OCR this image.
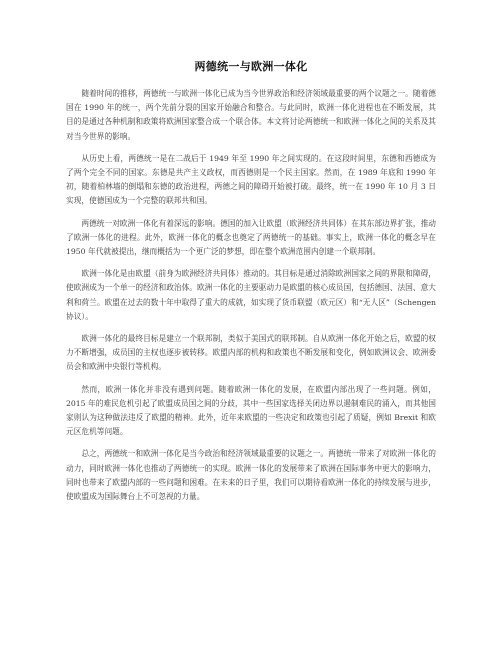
两德统一与欧洲一体化

随着时间的推移，两德统一与欧洲一体化已成为当今世界政治和经济领域最重要的两个议题之一。随着德国在 1990 年的统一，两个先前分裂的国家开始融合和整合。与此同时，欧洲一体化进程也在不断发展，其目的是通过各种机制和政策将欧洲国家整合成一个联合体。本文将讨论两德统一和欧洲一体化之间的关系及其对当今世界的影响。

从历史上看，两德统一是在二战后于 1949 年至 1990 年之间实现的。在这段时间里，东德和西德成为了两个完全不同的国家。东德是共产主义政权，而西德则是一个民主国家。然而，在 1989 年底和 1990 年初，随着柏林墙的倒塌和东德的政治进程，两德之间的障碍开始被打破。最终，统一在 1990 年 10 月 3 日实现，使德国成为一个完整的联邦共和国。

两德统一对欧洲一体化有着深远的影响。德国的加入让欧盟（欧洲经济共同体）在其东部边界扩张，推动了欧洲一体化的进程。此外，欧洲一体化的概念也奠定了两德统一的基础。事实上，欧洲一体化的概念早在 1950 年代就被提出，继而概括为一个更广泛的梦想，即在整个欧洲范围内创建一个联邦制。

欧洲一体化是由欧盟（前身为欧洲经济共同体）推动的。其目标是通过消除欧洲国家之间的界限和障碍，使欧洲成为一个单一的经济和政治体。欧洲一体化的主要驱动力是欧盟的核心成员国，包括德国、法国、意大利和荷兰。欧盟在过去的数十年中取得了重大的成就，如实现了货币联盟（欧元区）和“无人区”（Schengen 协议）。

欧洲一体化的最终目标是建立一个联邦制，类似于美国式的联邦制。自从欧洲一体化开始之后，欧盟的权力不断增强，成员国的主权也逐步被转移。欧盟内部的机构和政策也不断发展和变化，例如欧洲议会、欧洲委员会和欧洲中央银行等机构。

然而，欧洲一体化并非没有遇到问题。随着欧洲一体化的发展，在欧盟内部出现了一些问题。例如，2015 年的难民危机引起了欧盟成员国之间的分歧，其中一些国家选择关闭边界以遏制难民的涌入，而其他国家则认为这种做法违反了欧盟的精神。此外，近年来欧盟的一些决定和政策也引起了质疑，例如 Brexit 和欧元区危机等问题。

总之，两德统一和欧洲一体化是当今政治和经济领域最重要的议题之一。两德统一带来了对欧洲一体化的动力，同时欧洲一体化也推动了两德统一的实现。欧洲一体化的发展带来了欧洲在国际事务中更大的影响力，同时也带来了欧盟内部的一些问题和困难。在未来的日子里，我们可以期待看欧洲一体化的持续发展与进步，使欧盟成为国际舞台上不可忽视的力量。
